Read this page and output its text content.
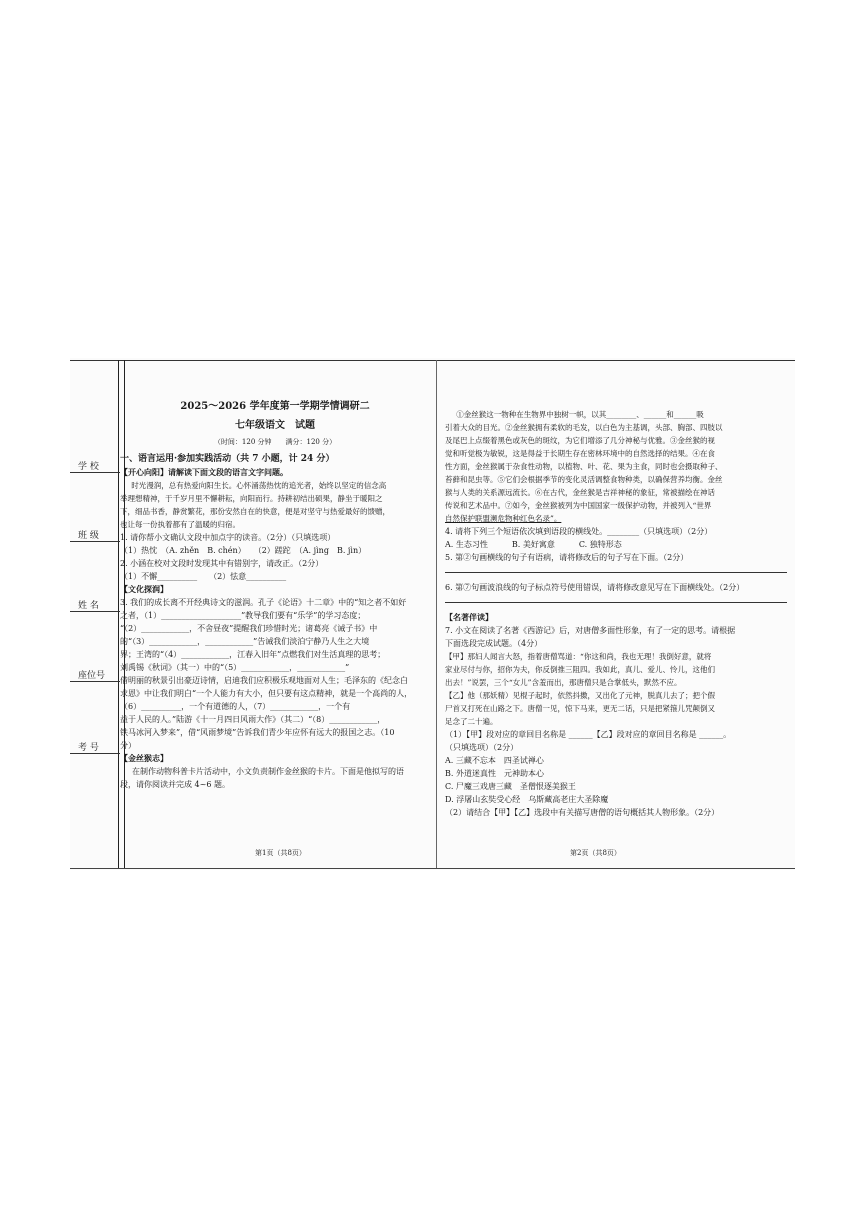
学 校
班 级
姓 名
座位号
考 号

2025～2026 学年度第一学期学情调研二

七年级语文　试题

（时间：120 分钟　　满分：120 分）

一、语言运用·参加实践活动（共 7 小题，计 24 分）

【开心向阳】请解读下面文段的语言文字问题。

时光漫润，总有热爱向阳生长。心怀涌荡热忱的追光者，始终以坚定的信念高

举理想精神，于千岁月里不懈耕耘，向阳而行。持耕初结出硕果，静坐于暖阳之

下，细品书香，静赏繁花，那份安然自在的快意，便是对坚守与热爱最好的馈赠，

也让每一份执着都有了温暖的归宿。

1. 请你帮小文确认文段中加点字的读音。（2分）（只填选项）

（1）热忱　（A. zhěn　B. chén）　　（2）蹉跎　（A. jìng　B. jìn）

2. 小涵在校对文段时发现其中有错别字，请改正。（2分）

（1）不懈__________　　（2）怯意__________

【文化探润】

3. 我们的成长离不开经典诗文的滋润。孔子《论语》十二章》中的“知之者不如好

之者，（1）____________________”教导我们要有“乐学”的学习态度；

“（2）____________，不舍昼夜”提醒我们珍惜时光；诸葛亮《诫子书》中

的“（3）____________，____________”告诫我们淡泊宁静乃人生之大境

界；王湾的“（4）____________，江春入旧年”点燃我们对生活真理的思考；

刘禹锡《秋词》（其一）中的“（5）____________，____________”

借明丽的秋景引出豪迈诗情，启迪我们应积极乐观地面对人生；毛泽东的《纪念白

求恩》中让我们明白“一个人能力有大小，但只要有这点精神，就是一个高尚的人，

（6）__________，一个有道德的人，（7）____________，一个有

益于人民的人。”陆游《十一月四日风雨大作》（其二）“（8）____________，

铁马冰河入梦来”，借“风雨梦境”告诉我们青少年应怀有远大的报国之志。（10

分）

【金丝猴志】

在制作动物科普卡片活动中，小文负责制作金丝猴的卡片。下面是他拟写的语

段，请你阅读并完成 4~6 题。

第1页（共8页）

①金丝猴这一物种在生物界中独树一帜，以其________、______和______吸

引着大众的目光。②金丝猴拥有柔软的毛发，以白色为主基调，头部、胸部、四肢以

及尾巴上点缀着黑色或灰色的斑纹，为它们增添了几分神秘与优雅。③金丝猴的视

觉和听觉极为敏锐，这是得益于长期生存在密林环境中的自然选择的结果。④在食

性方面，金丝猴属于杂食性动物，以植物、叶、花、果为主食，同时也会摄取种子、

苔藓和昆虫等。⑤它们会根据季节的变化灵活调整食物种类，以确保营养均衡。金丝

猴与人类的关系源远流长。⑥在古代，金丝猴是吉祥神秘的象征，常被描绘在神话

传说和艺术品中。⑦如今，金丝猴被列为中国国家一级保护动物，并被列入“世界

自然保护联盟濒危物种红色名录”。

4. 请将下列三个短语依次填到语段的横线处。________（只填选项）（2分）

A. 生态习性　　　B. 美好寓意　　　C. 独特形态

5. 第②句画横线的句子有语病，请将修改后的句子写在下面。（2分）

6. 第⑦句画波浪线的句子标点符号使用错误，请将修改意见写在下面横线处。（2分）

【名著伴读】

7. 小文在阅读了名著《西游记》后，对唐僧多面性形象，有了一定的思考。请根据

下面选段完成试题。（4分）

【甲】那妇人闻言大怒，指着唐僧骂道：“你这和尚，我也无理！我倒好意，就将

家业尽付与你，招你为夫，你反倒推三阻四。我如此，真儿、爱儿、怜儿，这他们

出去！”说罢，三个“女儿”含羞而出，那唐僧只是合掌低头，默然不应。

【乙】他（那妖精）见棍子起时，依然抖擞，又出化了元神，脱真儿去了；把个假

尸首又打死在山路之下。唐僧一见，惊下马来，更无二话，只是把紧箍儿咒颠倒又

足念了二十遍。

（1）【甲】段对应的章回目名称是 ______【乙】段对应的章回目名称是 ______。

（只填选项）（2分）

A. 三藏不忘本　四圣试禅心

B. 外道迷真性　元神助本心

C. 尸魔三戏唐三藏　圣僧恨逐美猴王

D. 浮屠山玄奘受心经　乌斯藏高老庄大圣除魔

（2）请结合【甲】【乙】选段中有关描写唐僧的语句概括其人物形象。（2分）

第2页（共8页）
